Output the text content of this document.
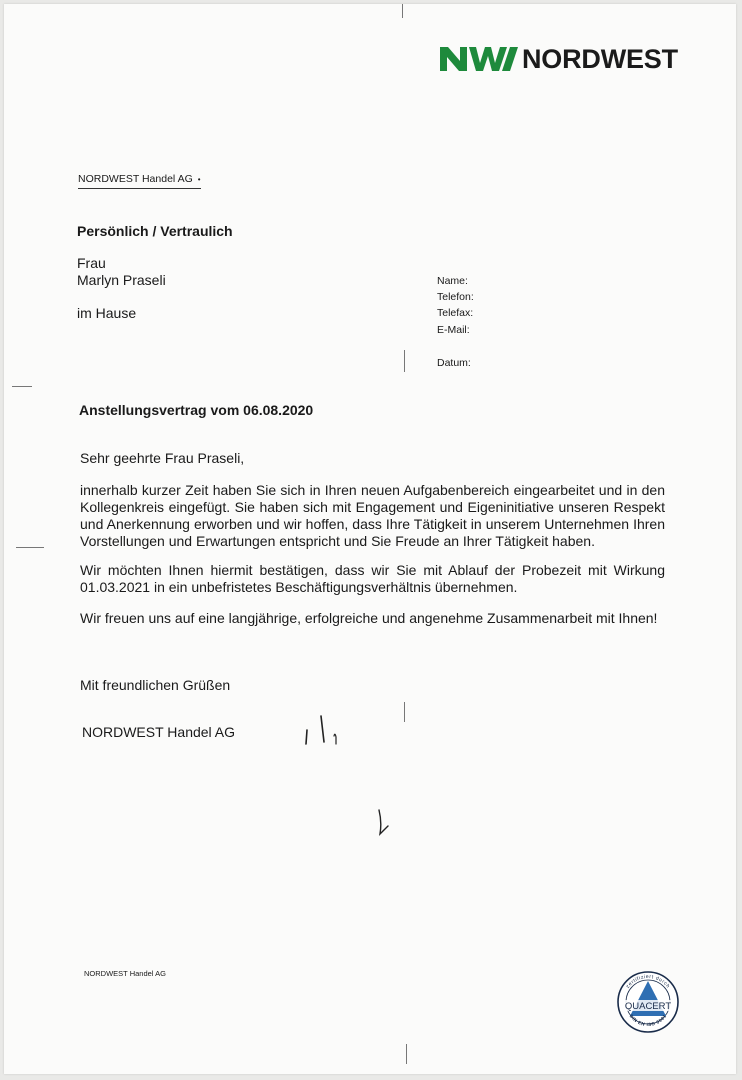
NORDWEST
NORDWEST Handel AG •
Persönlich / Vertraulich
Frau
Marlyn Praseli
im Hause
Name:
Telefon:
Telefax:
E-Mail:
Datum:
Anstellungsvertrag vom 06.08.2020
Sehr geehrte Frau Praseli,
innerhalb kurzer Zeit haben Sie sich in Ihren neuen Aufgabenbereich eingearbeitet und in den Kollegenkreis eingefügt. Sie haben sich mit Engagement und Eigeninitiative unseren Respekt und Anerkennung erworben und wir hoffen, dass Ihre Tätigkeit in unserem Unternehmen Ihren Vorstellungen und Erwartungen entspricht und Sie Freude an Ihrer Tätigkeit haben.
Wir möchten Ihnen hiermit bestätigen, dass wir Sie mit Ablauf der Probezeit mit Wirkung 01.03.2021 in ein unbefristetes Beschäftigungsverhältnis übernehmen.
Wir freuen uns auf eine langjährige, erfolgreiche und angenehme Zusammenarbeit mit Ihnen!
Mit freundlichen Grüßen
NORDWEST Handel AG
NORDWEST Handel AG
zertifiziert durch
DIN EN ISO 9001
QUACERT
